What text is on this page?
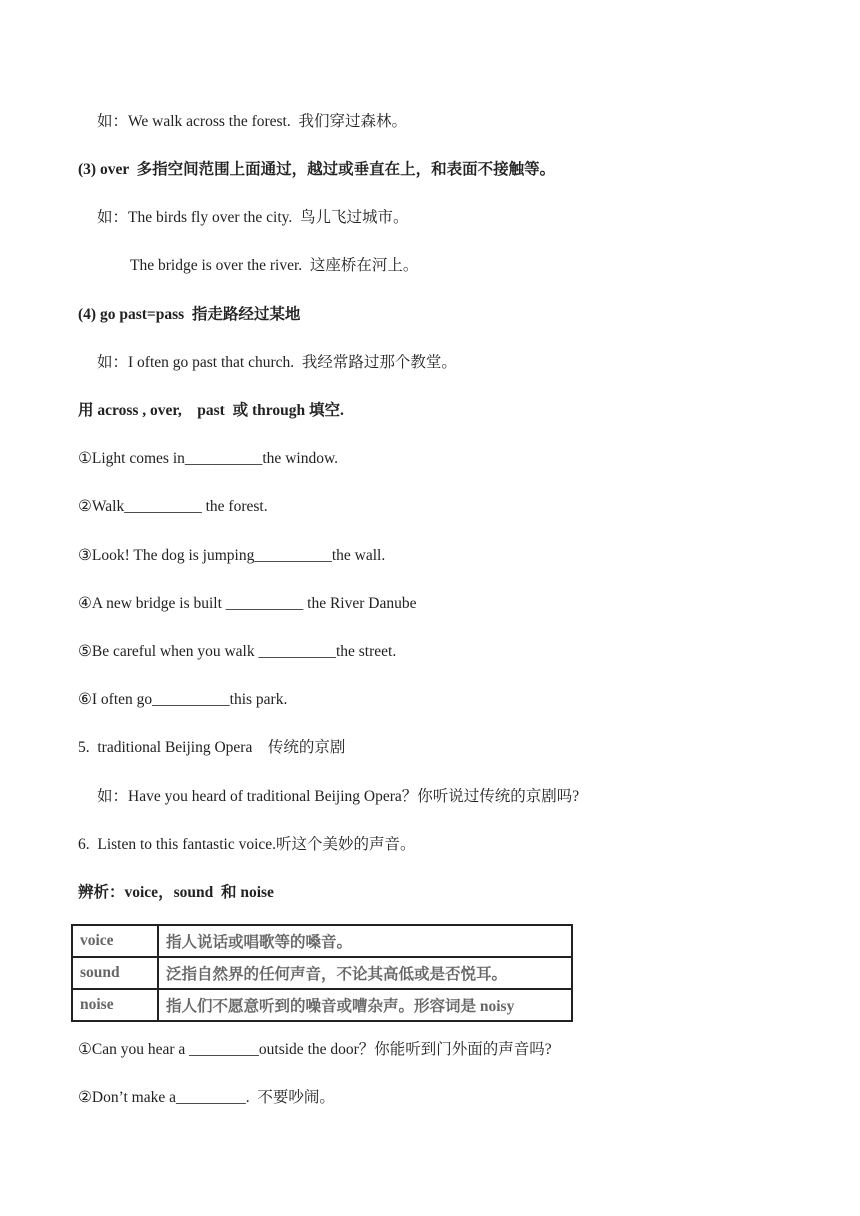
如：We walk across the forest.  我们穿过森林。
(3) over  多指空间范围上面通过，越过或垂直在上，和表面不接触等。
如：The birds fly over the city.  鸟儿飞过城市。
The bridge is over the river.  这座桥在河上。
(4) go past=pass  指走路经过某地
如：I often go past that church.  我经常路过那个教堂。
用 across , over,    past  或 through 填空.
①Light comes in__________the window.
②Walk__________ the forest.
③Look! The dog is jumping__________the wall.
④A new bridge is built __________ the River Danube
⑤Be careful when you walk __________the street.
⑥I often go__________this park.
5.  traditional Beijing Opera    传统的京剧
如：Have you heard of traditional Beijing Opera？你听说过传统的京剧吗?
6.  Listen to this fantastic voice.听这个美妙的声音。
辨析：voice，sound  和 noise
voice	指人说话或唱歌等的嗓音。
sound	泛指自然界的任何声音，不论其高低或是否悦耳。
noise	指人们不愿意听到的噪音或嘈杂声。形容词是 noisy
①Can you hear a _________outside the door？你能听到门外面的声音吗?
②Don’t make a_________.  不要吵闹。
